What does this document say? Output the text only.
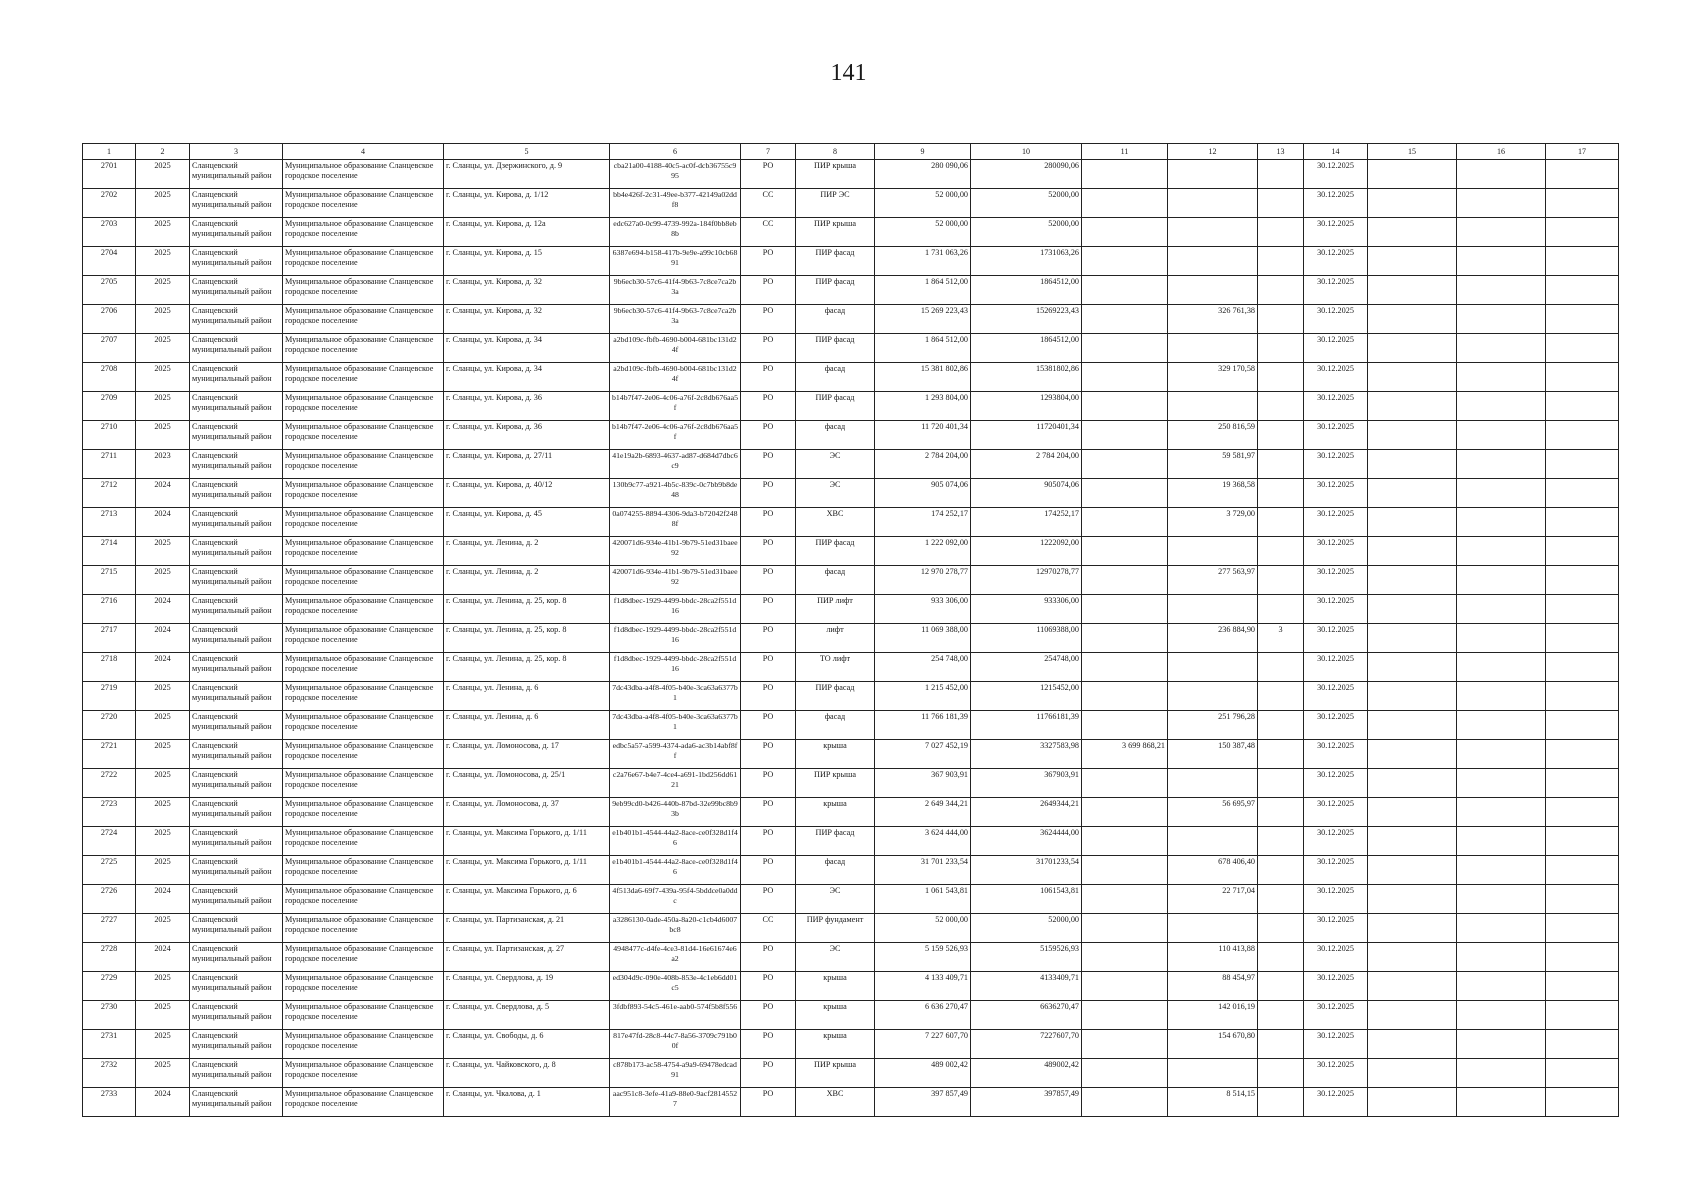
141
1	2	3	4	5	6	7	8	9	10	11	12	13	14	15	16	17
2701	2025	Сланцевский муниципальный район	Муниципальное образование Сланцевское городское поселение	г. Сланцы, ул. Дзержинского, д. 9	cba21a00-4188-40c5-ac0f-dcb36755c995	РО	ПИР крыша	280 090,06	280090,06				30.12.2025			
2702	2025	Сланцевский муниципальный район	Муниципальное образование Сланцевское городское поселение	г. Сланцы, ул. Кирова, д. 1/12	bb4e426f-2c31-49ee-b377-42149a02ddf8	СС	ПИР ЭС	52 000,00	52000,00				30.12.2025			
2703	2025	Сланцевский муниципальный район	Муниципальное образование Сланцевское городское поселение	г. Сланцы, ул. Кирова, д. 12а	edc627a0-0c99-4739-992a-184f0bb8eb8b	СС	ПИР крыша	52 000,00	52000,00				30.12.2025			
2704	2025	Сланцевский муниципальный район	Муниципальное образование Сланцевское городское поселение	г. Сланцы, ул. Кирова, д. 15	6387e694-b158-417b-9e9e-a99c10cb6891	РО	ПИР фасад	1 731 063,26	1731063,26				30.12.2025			
2705	2025	Сланцевский муниципальный район	Муниципальное образование Сланцевское городское поселение	г. Сланцы, ул. Кирова, д. 32	9b6ecb30-57c6-41f4-9b63-7c8ce7ca2b3a	РО	ПИР фасад	1 864 512,00	1864512,00				30.12.2025			
2706	2025	Сланцевский муниципальный район	Муниципальное образование Сланцевское городское поселение	г. Сланцы, ул. Кирова, д. 32	9b6ecb30-57c6-41f4-9b63-7c8ce7ca2b3a	РО	фасад	15 269 223,43	15269223,43		326 761,38		30.12.2025			
2707	2025	Сланцевский муниципальный район	Муниципальное образование Сланцевское городское поселение	г. Сланцы, ул. Кирова, д. 34	a2bd109c-fbfb-4690-b004-681bc131d24f	РО	ПИР фасад	1 864 512,00	1864512,00				30.12.2025			
2708	2025	Сланцевский муниципальный район	Муниципальное образование Сланцевское городское поселение	г. Сланцы, ул. Кирова, д. 34	a2bd109c-fbfb-4690-b004-681bc131d24f	РО	фасад	15 381 802,86	15381802,86		329 170,58		30.12.2025			
2709	2025	Сланцевский муниципальный район	Муниципальное образование Сланцевское городское поселение	г. Сланцы, ул. Кирова, д. 36	b14b7f47-2e06-4c06-a76f-2c8db676aa5f	РО	ПИР фасад	1 293 804,00	1293804,00				30.12.2025			
2710	2025	Сланцевский муниципальный район	Муниципальное образование Сланцевское городское поселение	г. Сланцы, ул. Кирова, д. 36	b14b7f47-2e06-4c06-a76f-2c8db676aa5f	РО	фасад	11 720 401,34	11720401,34		250 816,59		30.12.2025			
2711	2023	Сланцевский муниципальный район	Муниципальное образование Сланцевское городское поселение	г. Сланцы, ул. Кирова, д. 27/11	41e19a2b-6893-4637-ad87-d684d7dbc6c9	РО	ЭС	2 784 204,00	2 784 204,00		59 581,97		30.12.2025			
2712	2024	Сланцевский муниципальный район	Муниципальное образование Сланцевское городское поселение	г. Сланцы, ул. Кирова, д. 40/12	130b9c77-a921-4b5c-839c-0c7bb9b8de48	РО	ЭС	905 074,06	905074,06		19 368,58		30.12.2025			
2713	2024	Сланцевский муниципальный район	Муниципальное образование Сланцевское городское поселение	г. Сланцы, ул. Кирова, д. 45	0a074255-8894-4306-9da3-b72042f2488f	РО	ХВС	174 252,17	174252,17		3 729,00		30.12.2025			
2714	2025	Сланцевский муниципальный район	Муниципальное образование Сланцевское городское поселение	г. Сланцы, ул. Ленина, д. 2	420071d6-934e-41b1-9b79-51ed31baee92	РО	ПИР фасад	1 222 092,00	1222092,00				30.12.2025			
2715	2025	Сланцевский муниципальный район	Муниципальное образование Сланцевское городское поселение	г. Сланцы, ул. Ленина, д. 2	420071d6-934e-41b1-9b79-51ed31baee92	РО	фасад	12 970 278,77	12970278,77		277 563,97		30.12.2025			
2716	2024	Сланцевский муниципальный район	Муниципальное образование Сланцевское городское поселение	г. Сланцы, ул. Ленина, д. 25, кор. 8	f1d8dbec-1929-4499-bbdc-28ca2f551d16	РО	ПИР лифт	933 306,00	933306,00				30.12.2025			
2717	2024	Сланцевский муниципальный район	Муниципальное образование Сланцевское городское поселение	г. Сланцы, ул. Ленина, д. 25, кор. 8	f1d8dbec-1929-4499-bbdc-28ca2f551d16	РО	лифт	11 069 388,00	11069388,00		236 884,90	3	30.12.2025			
2718	2024	Сланцевский муниципальный район	Муниципальное образование Сланцевское городское поселение	г. Сланцы, ул. Ленина, д. 25, кор. 8	f1d8dbec-1929-4499-bbdc-28ca2f551d16	РО	ТО лифт	254 748,00	254748,00				30.12.2025			
2719	2025	Сланцевский муниципальный район	Муниципальное образование Сланцевское городское поселение	г. Сланцы, ул. Ленина, д. 6	7dc43dba-a4f8-4f05-b40e-3ca63a6377b1	РО	ПИР фасад	1 215 452,00	1215452,00				30.12.2025			
2720	2025	Сланцевский муниципальный район	Муниципальное образование Сланцевское городское поселение	г. Сланцы, ул. Ленина, д. 6	7dc43dba-a4f8-4f05-b40e-3ca63a6377b1	РО	фасад	11 766 181,39	11766181,39		251 796,28		30.12.2025			
2721	2025	Сланцевский муниципальный район	Муниципальное образование Сланцевское городское поселение	г. Сланцы, ул. Ломоносова, д. 17	edbc5a57-a599-4374-ada6-ac3b14abf8ff	РО	крыша	7 027 452,19	3327583,98	3 699 868,21	150 387,48		30.12.2025			
2722	2025	Сланцевский муниципальный район	Муниципальное образование Сланцевское городское поселение	г. Сланцы, ул. Ломоносова, д. 25/1	c2a76e67-b4e7-4ce4-a691-1bd256dd6121	РО	ПИР крыша	367 903,91	367903,91				30.12.2025			
2723	2025	Сланцевский муниципальный район	Муниципальное образование Сланцевское городское поселение	г. Сланцы, ул. Ломоносова, д. 37	9eb99cd0-b426-440b-87bd-32e99bc8b93b	РО	крыша	2 649 344,21	2649344,21		56 695,97		30.12.2025			
2724	2025	Сланцевский муниципальный район	Муниципальное образование Сланцевское городское поселение	г. Сланцы, ул. Максима Горького, д. 1/11	e1b401b1-4544-44a2-8ace-ce0f328d1f46	РО	ПИР фасад	3 624 444,00	3624444,00				30.12.2025			
2725	2025	Сланцевский муниципальный район	Муниципальное образование Сланцевское городское поселение	г. Сланцы, ул. Максима Горького, д. 1/11	e1b401b1-4544-44a2-8ace-ce0f328d1f46	РО	фасад	31 701 233,54	31701233,54		678 406,40		30.12.2025			
2726	2024	Сланцевский муниципальный район	Муниципальное образование Сланцевское городское поселение	г. Сланцы, ул. Максима Горького, д. 6	4f513da6-69f7-439a-95f4-5bddce0a0ddc	РО	ЭС	1 061 543,81	1061543,81		22 717,04		30.12.2025			
2727	2025	Сланцевский муниципальный район	Муниципальное образование Сланцевское городское поселение	г. Сланцы, ул. Партизанская, д. 21	a3286130-0ade-450a-8a20-c1cb4d6007bc8	СС	ПИР фундамент	52 000,00	52000,00				30.12.2025			
2728	2024	Сланцевский муниципальный район	Муниципальное образование Сланцевское городское поселение	г. Сланцы, ул. Партизанская, д. 27	4948477c-d4fe-4ce3-81d4-16e61674e6a2	РО	ЭС	5 159 526,93	5159526,93		110 413,88		30.12.2025			
2729	2025	Сланцевский муниципальный район	Муниципальное образование Сланцевское городское поселение	г. Сланцы, ул. Свердлова, д. 19	ed304d9c-090e-408b-853e-4c1eb6dd01c5	РО	крыша	4 133 409,71	4133409,71		88 454,97		30.12.2025			
2730	2025	Сланцевский муниципальный район	Муниципальное образование Сланцевское городское поселение	г. Сланцы, ул. Свердлова, д. 5	3fdbf893-54c5-461e-aab0-574f5b8f556	РО	крыша	6 636 270,47	6636270,47		142 016,19		30.12.2025			
2731	2025	Сланцевский муниципальный район	Муниципальное образование Сланцевское городское поселение	г. Сланцы, ул. Свободы, д. 6	817e47fd-28c8-44c7-8a56-3709c791b00f	РО	крыша	7 227 607,70	7227607,70		154 670,80		30.12.2025			
2732	2025	Сланцевский муниципальный район	Муниципальное образование Сланцевское городское поселение	г. Сланцы, ул. Чайковского, д. 8	c878b173-ac58-4754-a9a9-69478edcad91	РО	ПИР крыша	489 002,42	489002,42				30.12.2025			
2733	2024	Сланцевский муниципальный район	Муниципальное образование Сланцевское городское поселение	г. Сланцы, ул. Чкалова, д. 1	aac951c8-3efe-41a9-88e0-9acf28145527	РО	ХВС	397 857,49	397857,49		8 514,15		30.12.2025			
